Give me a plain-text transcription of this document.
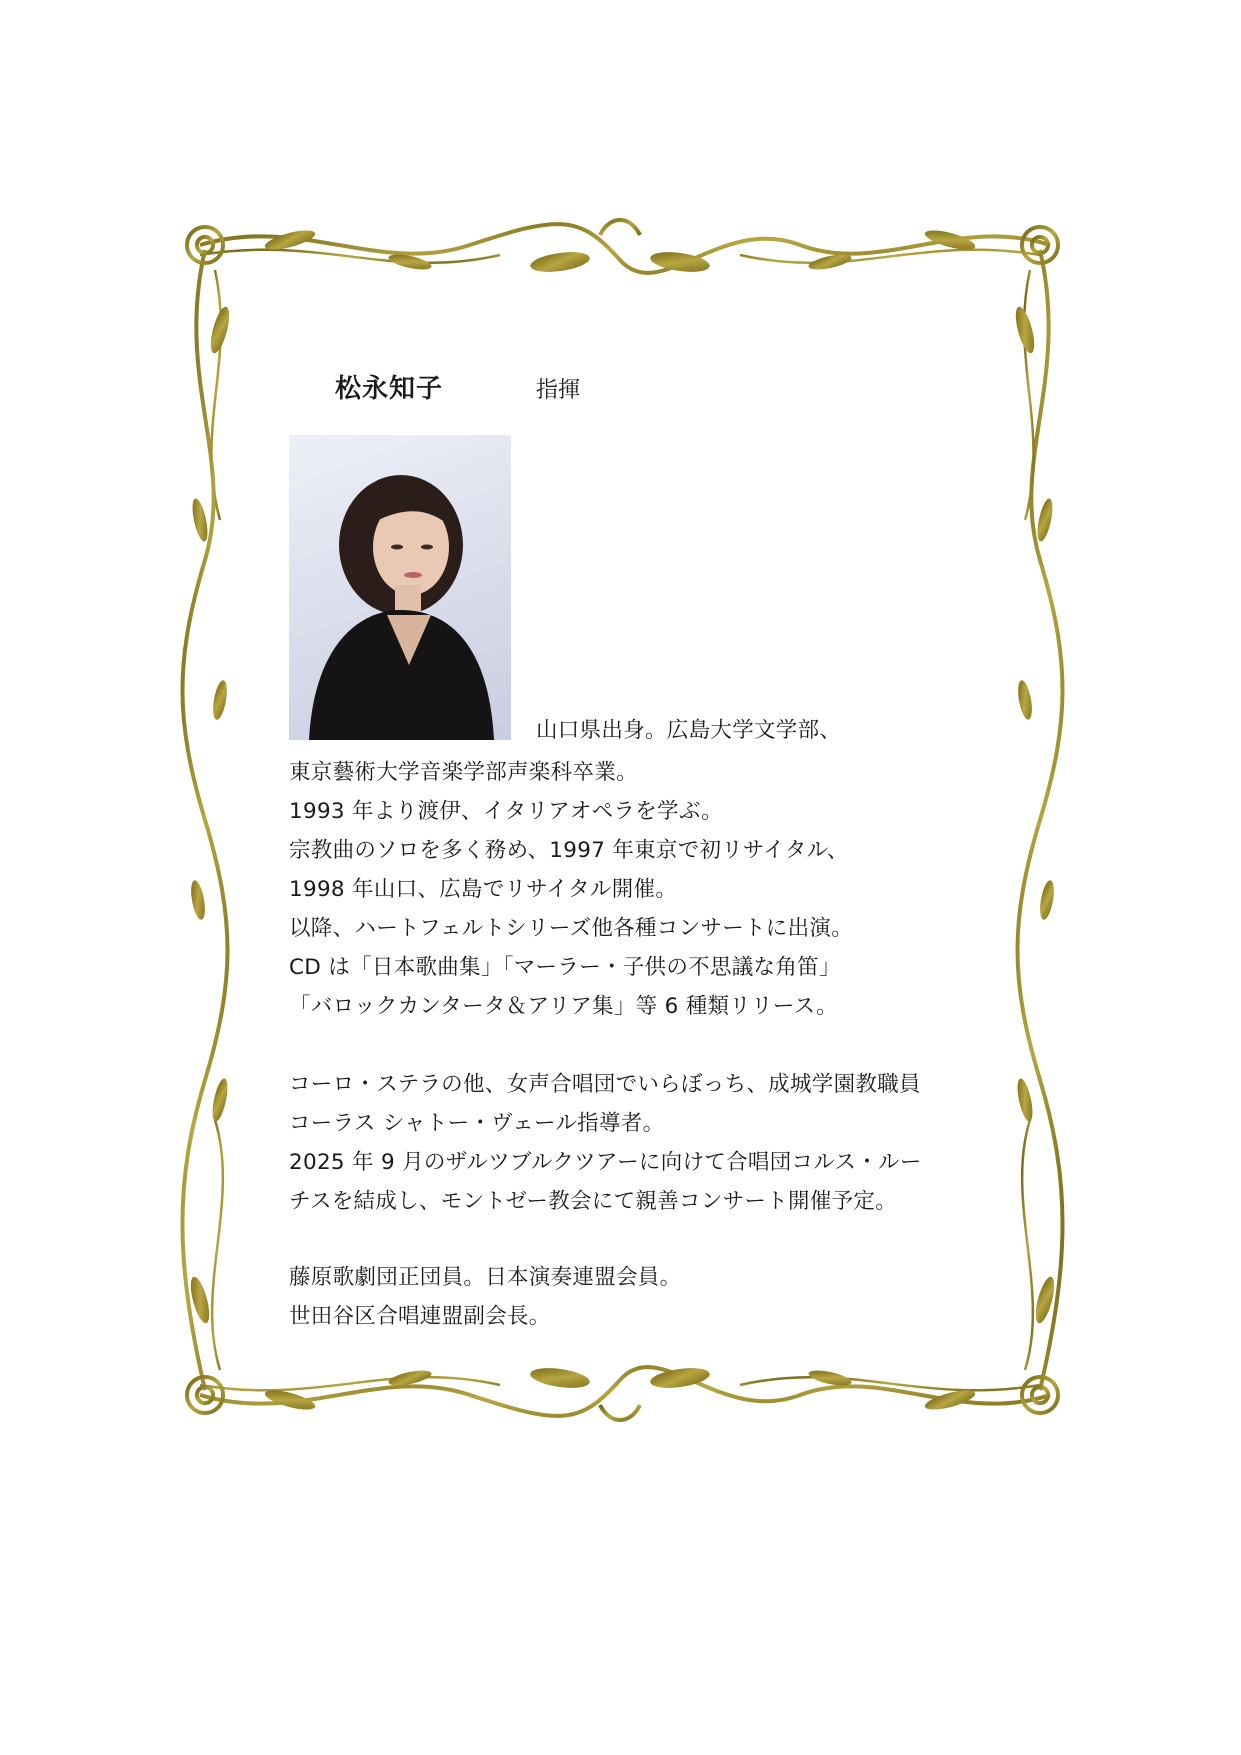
松永知子	指揮
山口県出身。広島大学文学部、
東京藝術大学音楽学部声楽科卒業。
1993 年より渡伊、イタリアオペラを学ぶ。
宗教曲のソロを多く務め、1997 年東京で初リサイタル、
1998 年山口、広島でリサイタル開催。
以降、ハートフェルトシリーズ他各種コンサートに出演。
CD は「日本歌曲集」「マーラー・子供の不思議な角笛」
「バロックカンタータ＆アリア集」等 6 種類リリース。
コーロ・ステラの他、女声合唱団でいらぼっち、成城学園教職員
コーラス シャトー・ヴェール指導者。
2025 年 9 月のザルツブルクツアーに向けて合唱団コルス・ルー
チスを結成し、モントゼー教会にて親善コンサート開催予定。
藤原歌劇団正団員。日本演奏連盟会員。
世田谷区合唱連盟副会長。
